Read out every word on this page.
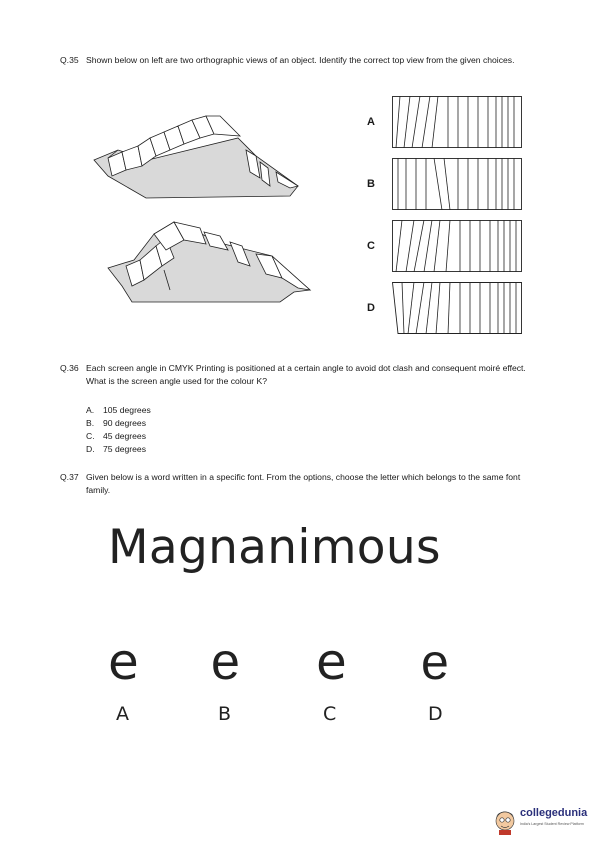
Q.35 Shown below on left are two orthographic views of an object. Identify the correct top view from the given choices.
A
B
C
D
Q.36 Each screen angle in CMYK Printing is positioned at a certain angle to avoid dot clash and consequent moiré effect. What is the screen angle used for the colour K?
A.	105 degrees
B.	90 degrees
C. 45 degrees
D. 75 degrees
Q.37 Given below is a word written in a specific font. From the options, choose the letter which belongs to the same font family.
Magnanimous
e e e e
A	B	C	D
collegedunia
India's Largest Student Review Platform
